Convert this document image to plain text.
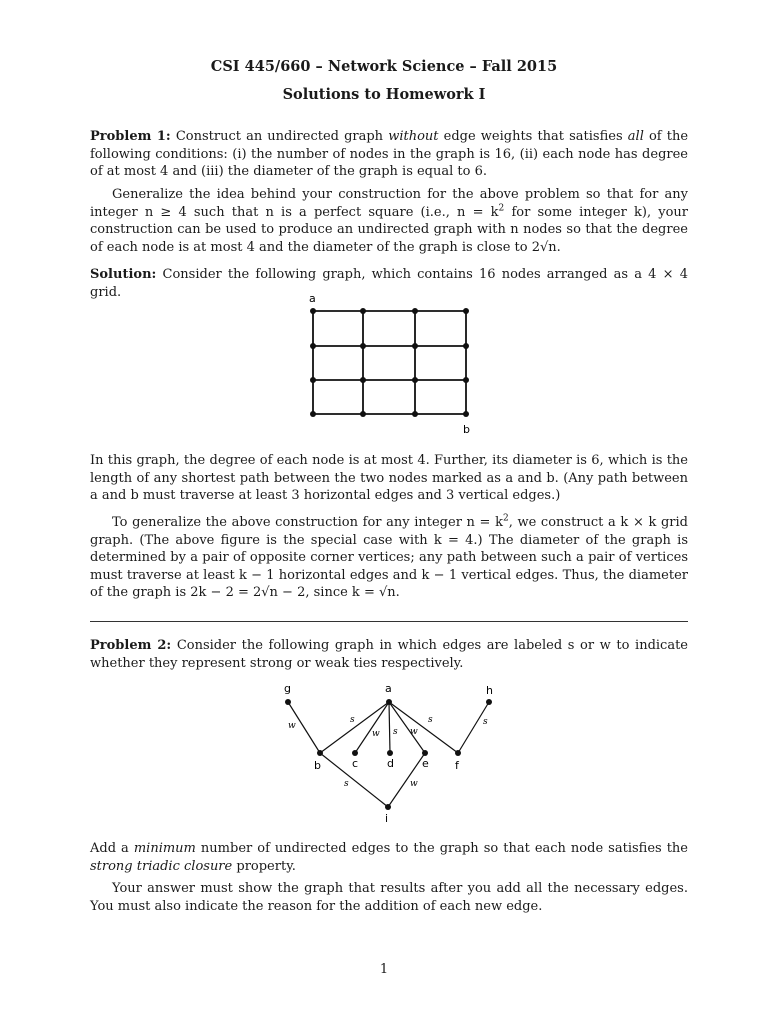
CSI 445/660 – Network Science – Fall 2015
Solutions to Homework I
Problem 1: Construct an undirected graph without edge weights that satisfies all of the following conditions: (i) the number of nodes in the graph is 16, (ii) each node has degree of at most 4 and (iii) the diameter of the graph is equal to 6.
Generalize the idea behind your construction for the above problem so that for any integer n ≥ 4 such that n is a perfect square (i.e., $n = k^2$ for some integer k), your construction can be used to produce an undirected graph with n nodes so that the degree of each node is at most 4 and the diameter of the graph is close to 2√n.
Solution: Consider the following graph, which contains 16 nodes arranged as a 4 × 4 grid.	a
b
In this graph, the degree of each node is at most 4. Further, its diameter is 6, which is the length of any shortest path between the two nodes marked as a and b. (Any path between a and b must traverse at least 3 horizontal edges and 3 vertical edges.)
To generalize the above construction for any integer $n = k^2$, we construct a k × k grid graph. (The above figure is the special case with k = 4.) The diameter of the graph is determined by a pair of opposite corner vertices; any path between such a pair of vertices must traverse at least k − 1 horizontal edges and k − 1 vertical edges. Thus, the diameter of the graph is 2k − 2 = 2√n − 2, since k = √n.
Problem 2: Consider the following graph in which edges are labeled s or w to indicate whether they represent strong or weak ties respectively.
g	a	h
b	c	d	e f
i
w
s
w s w
s	s
s	w
Add a minimum number of undirected edges to the graph so that each node satisfies the strong triadic closure property.
Your answer must show the graph that results after you add all the necessary edges. You must also indicate the reason for the addition of each new edge.
1
